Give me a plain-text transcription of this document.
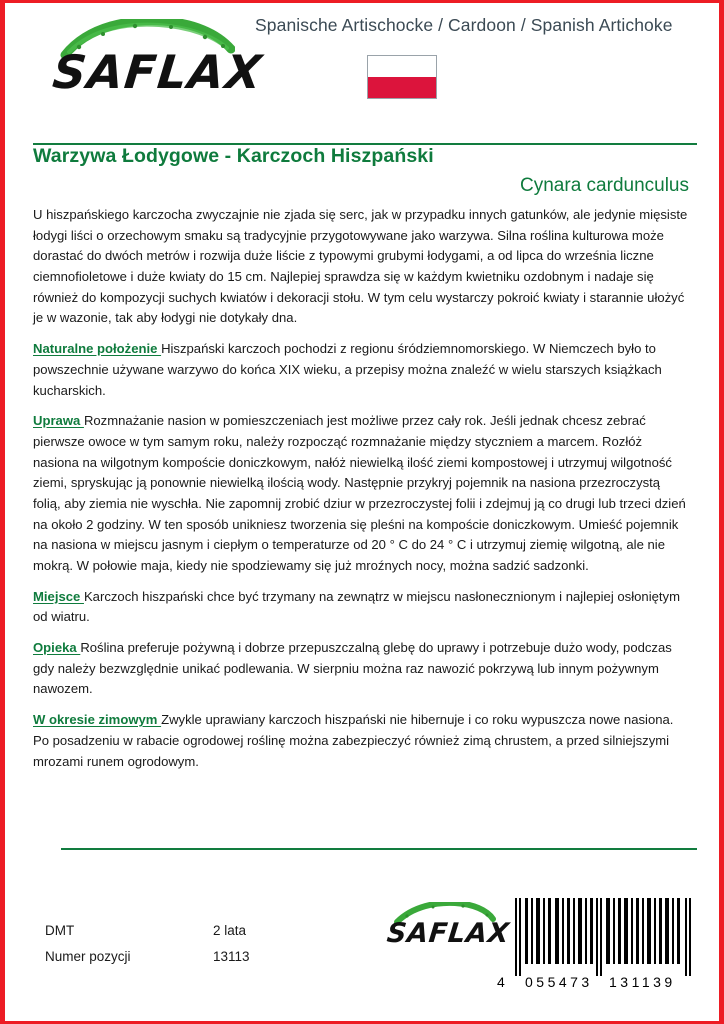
SAFLAX
Spanische Artischocke / Cardoon / Spanish Artichoke
Warzywa Łodygowe - Karczoch Hiszpański
Cynara cardunculus

U hiszpańskiego karczocha zwyczajnie nie zjada się serc, jak w przypadku innych gatunków, ale jedynie mięsiste łodygi liści o orzechowym smaku są tradycyjnie przygotowywane jako warzywa. Silna roślina kulturowa może dorastać do dwóch metrów i rozwija duże liście z typowymi grubymi łodygami, a od lipca do września liczne ciemnofioletowe i duże kwiaty do 15 cm. Najlepiej sprawdza się w każdym kwietniku ozdobnym i nadaje się również do kompozycji suchych kwiatów i dekoracji stołu. W tym celu wystarczy pokroić kwiaty i starannie ułożyć je w wazonie, tak aby łodygi nie dotykały dna.

Naturalne położenie Hiszpański karczoch pochodzi z regionu śródziemnomorskiego. W Niemczech było to powszechnie używane warzywo do końca XIX wieku, a przepisy można znaleźć w wielu starszych książkach kucharskich.

Uprawa Rozmnażanie nasion w pomieszczeniach jest możliwe przez cały rok. Jeśli jednak chcesz zebrać pierwsze owoce w tym samym roku, należy rozpocząć rozmnażanie między styczniem a marcem. Rozłóż nasiona na wilgotnym kompoście doniczkowym, nałóż niewielką ilość ziemi kompostowej i utrzymuj wilgotność ziemi, spryskując ją ponownie niewielką ilością wody. Następnie przykryj pojemnik na nasiona przezroczystą folią, aby ziemia nie wyschła. Nie zapomnij zrobić dziur w przezroczystej folii i zdejmuj ją co drugi lub trzeci dzień na około 2 godziny. W ten sposób unikniesz tworzenia się pleśni na kompoście doniczkowym. Umieść pojemnik na nasiona w miejscu jasnym i ciepłym o temperaturze od 20 ° C do 24 ° C i utrzymuj ziemię wilgotną, ale nie mokrą. W połowie maja, kiedy nie spodziewamy się już mroźnych nocy, można sadzić sadzonki.

Miejsce Karczoch hiszpański chce być trzymany na zewnątrz w miejscu nasłonecznionym i najlepiej osłoniętym od wiatru.

Opieka Roślina preferuje pożywną i dobrze przepuszczalną glebę do uprawy i potrzebuje dużo wody, podczas gdy należy bezwzględnie unikać podlewania. W sierpniu można raz nawozić pokrzywą lub innym pożywnym nawozem.

W okresie zimowym Zwykle uprawiany karczoch hiszpański nie hibernuje i co roku wypuszcza nowe nasiona. Po posadzeniu w rabacie ogrodowej roślinę można zabezpieczyć również zimą chrustem, a przed silniejszymi mrozami runem ogrodowym.

DMT	2 lata
Numer pozycji	13113
SAFLAX
4 055473 131139
